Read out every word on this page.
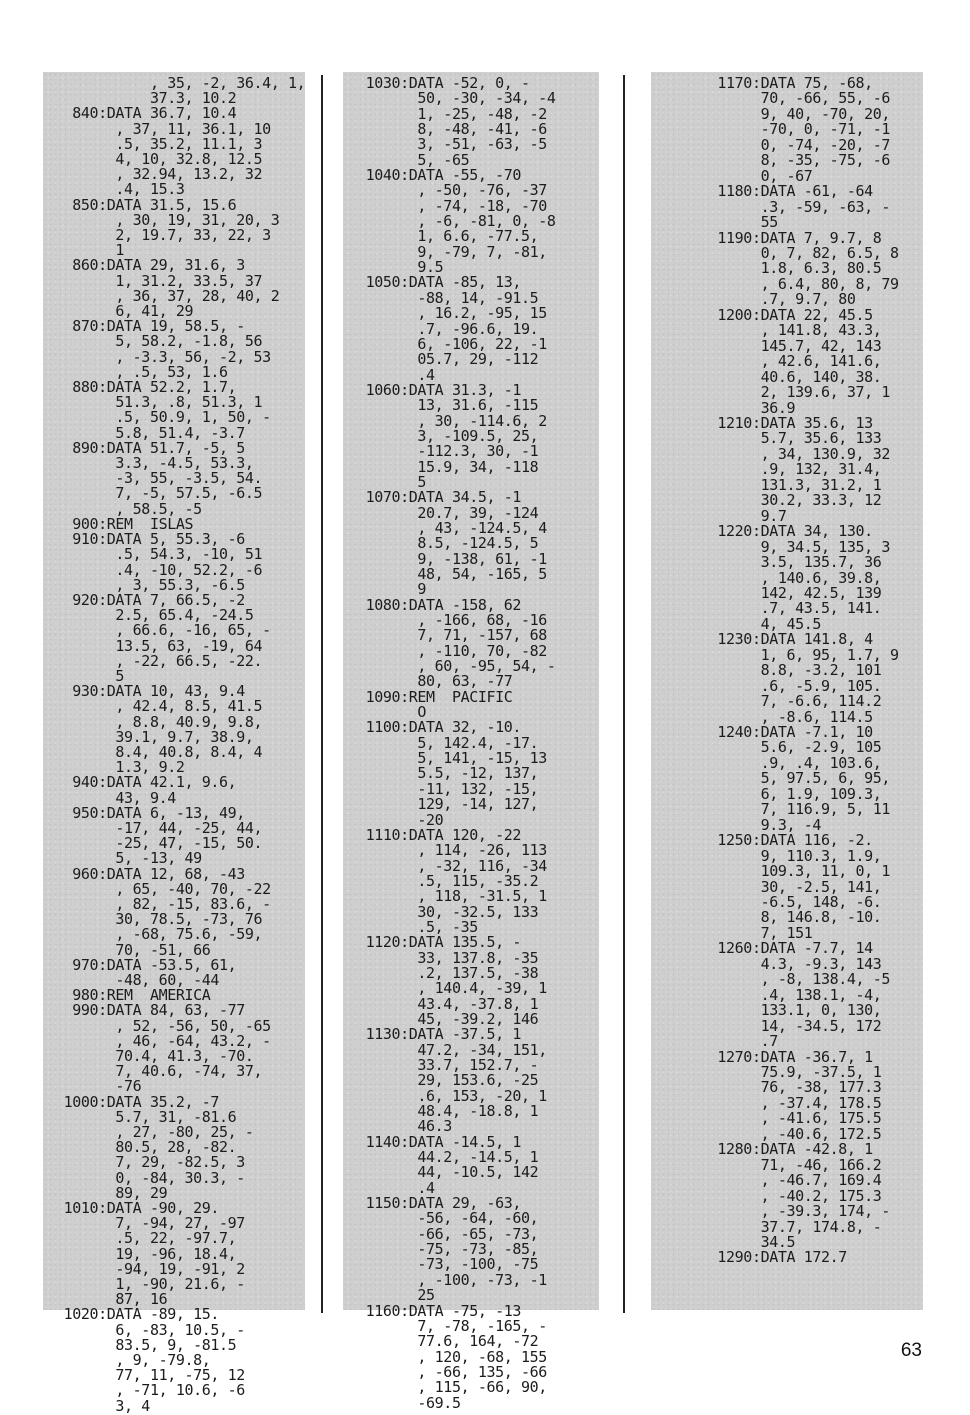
, 35, -2, 36.4, 1,
37.3, 10.2
840:DATA 36.7, 10.4
, 37, 11, 36.1, 10
.5, 35.2, 11.1, 3
4, 10, 32.8, 12.5
, 32.94, 13.2, 32
.4, 15.3
850:DATA 31.5, 15.6
, 30, 19, 31, 20, 3
2, 19.7, 33, 22, 3
1
860:DATA 29, 31.6, 3
1, 31.2, 33.5, 37
, 36, 37, 28, 40, 2
6, 41, 29
870:DATA 19, 58.5, -
5, 58.2, -1.8, 56
, -3.3, 56, -2, 53
, .5, 53, 1.6
880:DATA 52.2, 1.7,
51.3, .8, 51.3, 1
.5, 50.9, 1, 50, -
5.8, 51.4, -3.7
890:DATA 51.7, -5, 5
3.3, -4.5, 53.3,
-3, 55, -3.5, 54.
7, -5, 57.5, -6.5
, 58.5, -5
900:REM  ISLAS
910:DATA 5, 55.3, -6
.5, 54.3, -10, 51
.4, -10, 52.2, -6
, 3, 55.3, -6.5
920:DATA 7, 66.5, -2
2.5, 65.4, -24.5
, 66.6, -16, 65, -
13.5, 63, -19, 64
, -22, 66.5, -22.
5
930:DATA 10, 43, 9.4
, 42.4, 8.5, 41.5
, 8.8, 40.9, 9.8,
39.1, 9.7, 38.9,
8.4, 40.8, 8.4, 4
1.3, 9.2
940:DATA 42.1, 9.6,
43, 9.4
950:DATA 6, -13, 49,
-17, 44, -25, 44,
-25, 47, -15, 50.
5, -13, 49
960:DATA 12, 68, -43
, 65, -40, 70, -22
, 82, -15, 83.6, -
30, 78.5, -73, 76
, -68, 75.6, -59,
70, -51, 66
970:DATA -53.5, 61,
-48, 60, -44
980:REM  AMERICA
990:DATA 84, 63, -77
, 52, -56, 50, -65
, 46, -64, 43.2, -
70.4, 41.3, -70.
7, 40.6, -74, 37,
-76
1000:DATA 35.2, -7
5.7, 31, -81.6
, 27, -80, 25, -
80.5, 28, -82.
7, 29, -82.5, 3
0, -84, 30.3, -
89, 29
1010:DATA -90, 29.
7, -94, 27, -97
.5, 22, -97.7,
19, -96, 18.4,
-94, 19, -91, 2
1, -90, 21.6, -
87, 16
1020:DATA -89, 15.
6, -83, 10.5, -
83.5, 9, -81.5
, 9, -79.8,
77, 11, -75, 12
, -71, 10.6, -6
3, 4
1030:DATA -52, 0, -
50, -30, -34, -4
1, -25, -48, -2
8, -48, -41, -6
3, -51, -63, -5
5, -65
1040:DATA -55, -70
, -50, -76, -37
, -74, -18, -70
, -6, -81, 0, -8
1, 6.6, -77.5,
9, -79, 7, -81,
9.5
1050:DATA -85, 13,
-88, 14, -91.5
, 16.2, -95, 15
.7, -96.6, 19.
6, -106, 22, -1
05.7, 29, -112
.4
1060:DATA 31.3, -1
13, 31.6, -115
, 30, -114.6, 2
3, -109.5, 25,
-112.3, 30, -1
15.9, 34, -118
5
1070:DATA 34.5, -1
20.7, 39, -124
, 43, -124.5, 4
8.5, -124.5, 5
9, -138, 61, -1
48, 54, -165, 5
9
1080:DATA -158, 62
, -166, 68, -16
7, 71, -157, 68
, -110, 70, -82
, 60, -95, 54, -
80, 63, -77
1090:REM  PACIFIC
O
1100:DATA 32, -10.
5, 142.4, -17.
5, 141, -15, 13
5.5, -12, 137,
-11, 132, -15,
129, -14, 127,
-20
1110:DATA 120, -22
, 114, -26, 113
, -32, 116, -34
.5, 115, -35.2
, 118, -31.5, 1
30, -32.5, 133
.5, -35
1120:DATA 135.5, -
33, 137.8, -35
.2, 137.5, -38
, 140.4, -39, 1
43.4, -37.8, 1
45, -39.2, 146
1130:DATA -37.5, 1
47.2, -34, 151,
33.7, 152.7, -
29, 153.6, -25
.6, 153, -20, 1
48.4, -18.8, 1
46.3
1140:DATA -14.5, 1
44.2, -14.5, 1
44, -10.5, 142
.4
1150:DATA 29, -63,
-56, -64, -60,
-66, -65, -73,
-75, -73, -85,
-73, -100, -75
, -100, -73, -1
25
1160:DATA -75, -13
7, -78, -165, -
77.6, 164, -72
, 120, -68, 155
, -66, 135, -66
, 115, -66, 90,
-69.5
1170:DATA 75, -68,
70, -66, 55, -6
9, 40, -70, 20,
-70, 0, -71, -1
0, -74, -20, -7
8, -35, -75, -6
0, -67
1180:DATA -61, -64
.3, -59, -63, -
55
1190:DATA 7, 9.7, 8
0, 7, 82, 6.5, 8
1.8, 6.3, 80.5
, 6.4, 80, 8, 79
.7, 9.7, 80
1200:DATA 22, 45.5
, 141.8, 43.3,
145.7, 42, 143
, 42.6, 141.6,
40.6, 140, 38.
2, 139.6, 37, 1
36.9
1210:DATA 35.6, 13
5.7, 35.6, 133
, 34, 130.9, 32
.9, 132, 31.4,
131.3, 31.2, 1
30.2, 33.3, 12
9.7
1220:DATA 34, 130.
9, 34.5, 135, 3
3.5, 135.7, 36
, 140.6, 39.8,
142, 42.5, 139
.7, 43.5, 141.
4, 45.5
1230:DATA 141.8, 4
1, 6, 95, 1.7, 9
8.8, -3.2, 101
.6, -5.9, 105.
7, -6.6, 114.2
, -8.6, 114.5
1240:DATA -7.1, 10
5.6, -2.9, 105
.9, .4, 103.6,
5, 97.5, 6, 95,
6, 1.9, 109.3,
7, 116.9, 5, 11
9.3, -4
1250:DATA 116, -2.
9, 110.3, 1.9,
109.3, 11, 0, 1
30, -2.5, 141,
-6.5, 148, -6.
8, 146.8, -10.
7, 151
1260:DATA -7.7, 14
4.3, -9.3, 143
, -8, 138.4, -5
.4, 138.1, -4,
133.1, 0, 130,
14, -34.5, 172
.7
1270:DATA -36.7, 1
75.9, -37.5, 1
76, -38, 177.3
, -37.4, 178.5
, -41.6, 175.5
, -40.6, 172.5
1280:DATA -42.8, 1
71, -46, 166.2
, -46.7, 169.4
, -40.2, 175.3
, -39.3, 174, -
37.7, 174.8, -
34.5
1290:DATA 172.7
63
